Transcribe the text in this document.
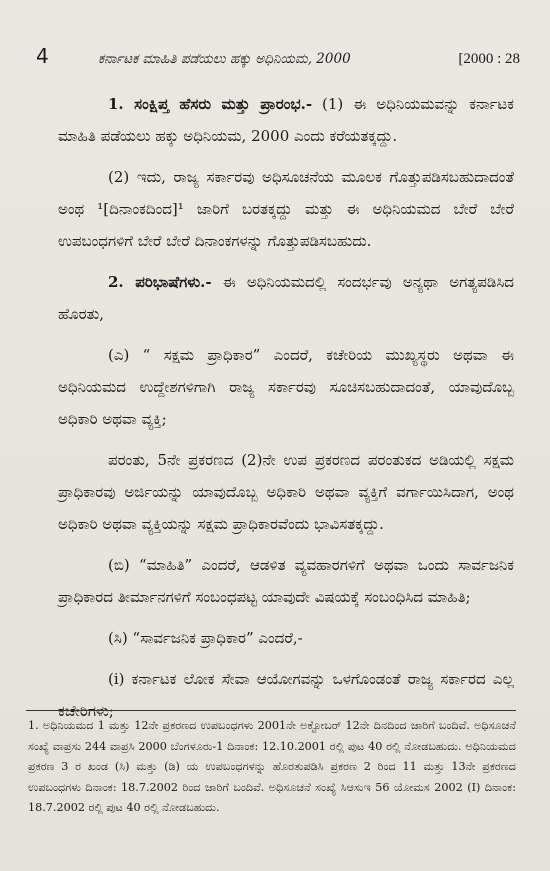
4	ಕರ್ನಾಟಕ ಮಾಹಿತಿ ಪಡೆಯಲು ಹಕ್ಕು ಅಧಿನಿಯಮ, 2000	[2000 : 28

1. ಸಂಕ್ಷಿಪ್ತ ಹೆಸರು ಮತ್ತು ಪ್ರಾರಂಭ.- (1) ಈ ಅಧಿನಿಯಮವನ್ನು ಕರ್ನಾಟಕ ಮಾಹಿತಿ ಪಡೆಯಲು ಹಕ್ಕು ಅಧಿನಿಯಮ, 2000 ಎಂದು ಕರೆಯತಕ್ಕದ್ದು.

(2) ಇದು, ರಾಜ್ಯ ಸರ್ಕಾರವು ಅಧಿಸೂಚನೆಯ ಮೂಲಕ ಗೊತ್ತುಪಡಿಸಬಹುದಾದಂತೆ ಅಂಥ ¹[ದಿನಾಂಕದಿಂದ]¹ ಜಾರಿಗೆ ಬರತಕ್ಕದ್ದು ಮತ್ತು ಈ ಅಧಿನಿಯಮದ ಬೇರೆ ಬೇರೆ ಉಪಬಂಧಗಳಿಗೆ ಬೇರೆ ಬೇರೆ ದಿನಾಂಕಗಳನ್ನು ಗೊತ್ತುಪಡಿಸಬಹುದು.

2. ಪರಿಭಾಷೆಗಳು.- ಈ ಅಧಿನಿಯಮದಲ್ಲಿ ಸಂದರ್ಭವು ಅನ್ಯಥಾ ಅಗತ್ಯಪಡಿಸಿದ ಹೊರತು,

(ಎ) “ ಸಕ್ಷಮ ಪ್ರಾಧಿಕಾರ” ಎಂದರೆ, ಕಚೇರಿಯ ಮುಖ್ಯಸ್ಥರು ಅಥವಾ ಈ ಅಧಿನಿಯಮದ ಉದ್ದೇಶಗಳಿಗಾಗಿ ರಾಜ್ಯ ಸರ್ಕಾರವು ಸೂಚಿಸಬಹುದಾದಂತೆ, ಯಾವುದೊಬ್ಬ ಅಧಿಕಾರಿ ಅಥವಾ ವ್ಯಕ್ತಿ;

ಪರಂತು, 5ನೇ ಪ್ರಕರಣದ (2)ನೇ ಉಪ ಪ್ರಕರಣದ ಪರಂತುಕದ ಅಡಿಯಲ್ಲಿ ಸಕ್ಷಮ ಪ್ರಾಧಿಕಾರವು ಅರ್ಜಿಯನ್ನು ಯಾವುದೊಬ್ಬ ಅಧಿಕಾರಿ ಅಥವಾ ವ್ಯಕ್ತಿಗೆ ವರ್ಗಾಯಿಸಿದಾಗ, ಅಂಥ ಅಧಿಕಾರಿ ಅಥವಾ ವ್ಯಕ್ತಿಯನ್ನು ಸಕ್ಷಮ ಪ್ರಾಧಿಕಾರವೆಂದು ಭಾವಿಸತಕ್ಕದ್ದು.

(ಬಿ) “ಮಾಹಿತಿ” ಎಂದರೆ, ಆಡಳಿತ ವ್ಯವಹಾರಗಳಿಗೆ ಅಥವಾ ಒಂದು ಸಾರ್ವಜನಿಕ ಪ್ರಾಧಿಕಾರದ ತೀರ್ಮಾನಗಳಿಗೆ ಸಂಬಂಧಪಟ್ಟ ಯಾವುದೇ ವಿಷಯಕ್ಕೆ ಸಂಬಂಧಿಸಿದ ಮಾಹಿತಿ;

(ಸಿ) “ಸಾರ್ವಜನಿಕ ಪ್ರಾಧಿಕಾರ” ಎಂದರೆ,-

(i) ಕರ್ನಾಟಕ ಲೋಕ ಸೇವಾ ಆಯೋಗವನ್ನು ಒಳಗೊಂಡಂತೆ ರಾಜ್ಯ ಸರ್ಕಾರದ ಎಲ್ಲ ಕಚೇರಿಗಳು;

1. ಅಧಿನಿಯಮದ 1 ಮತ್ತು 12ನೇ ಪ್ರಕರಣದ ಉಪಬಂಧಗಳು 2001ನೇ ಅಕ್ಟೋಬರ್ 12ನೇ ದಿನದಿಂದ ಜಾರಿಗೆ ಬಂದಿವೆ. ಅಧಿಸೂಚನೆ ಸಂಖ್ಯೆ ವಾಪ್ರಸು 244 ವಾಪ್ರಸಿ 2000 ಬೆಂಗಳೂರು-1 ದಿನಾಂಕ: 12.10.2001 ರಲ್ಲಿ ಪುಟ 40 ರಲ್ಲಿ ನೋಡಬಹುದು. ಅಧಿನಿಯಮದ ಪ್ರಕರಣ 3 ರ ಖಂಡ (ಸಿ) ಮತ್ತು (ಡಿ) ಯ ಉಪಬಂಧಗಳನ್ನು ಹೊರತುಪಡಿಸಿ ಪ್ರಕರಣ 2 ರಿಂದ 11 ಮತ್ತು 13ನೇ ಪ್ರಕರಣದ ಉಪಬಂಧಗಳು ದಿನಾಂಕ: 18.7.2002 ರಿಂದ ಜಾರಿಗೆ ಬಂದಿವೆ. ಅಧಿಸೂಚನೆ ಸಂಖ್ಯೆ ಸಿಆಸುಇ 56 ಯೋಮಸ 2002 (I) ದಿನಾಂಕ: 18.7.2002 ರಲ್ಲಿ ಪುಟ 40 ರಲ್ಲಿ ನೋಡಬಹುದು.
